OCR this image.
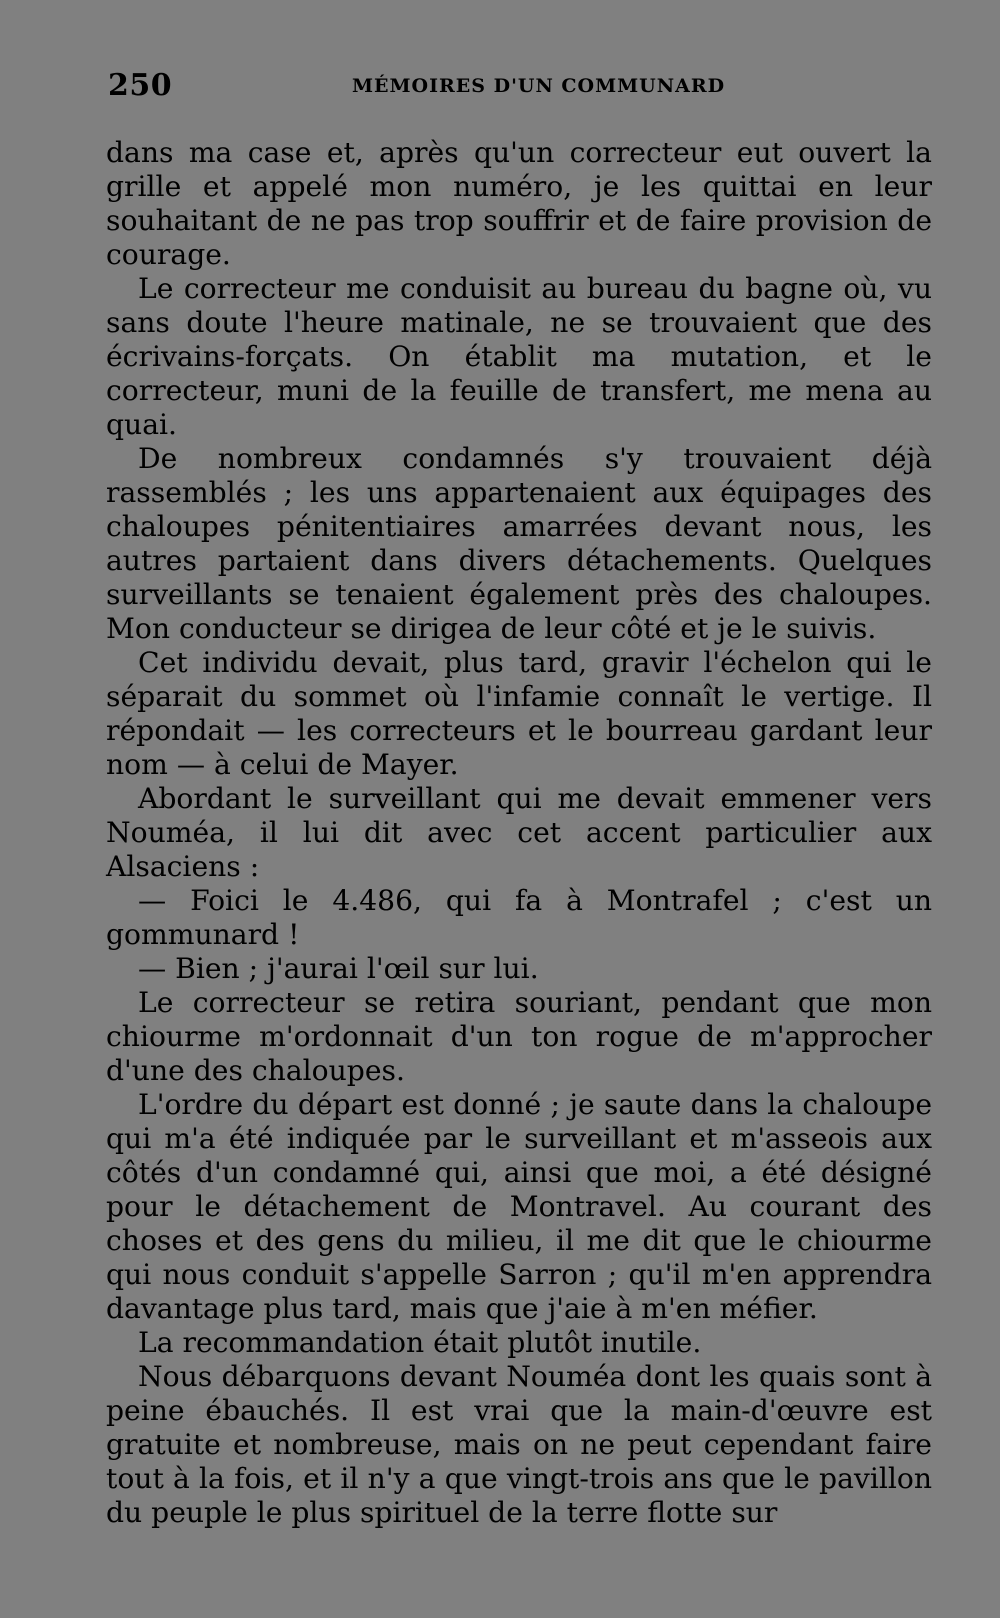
250	MÉMOIRES D'UN COMMUNARD

dans ma case et, après qu'un correcteur eut ouvert la grille et appelé mon numéro, je les quittai en leur souhaitant de ne pas trop souffrir et de faire provision de courage.

Le correcteur me conduisit au bureau du bagne où, vu sans doute l'heure matinale, ne se trouvaient que des écrivains-forçats. On établit ma mutation, et le correcteur, muni de la feuille de transfert, me mena au quai.

De nombreux condamnés s'y trouvaient déjà rassemblés ; les uns appartenaient aux équipages des chaloupes pénitentiaires amarrées devant nous, les autres partaient dans divers détachements. Quelques surveillants se tenaient également près des chaloupes. Mon conducteur se dirigea de leur côté et je le suivis.

Cet individu devait, plus tard, gravir l'échelon qui le séparait du sommet où l'infamie connaît le vertige. Il répondait — les correcteurs et le bourreau gardant leur nom — à celui de Mayer.

Abordant le surveillant qui me devait emmener vers Nouméa, il lui dit avec cet accent particulier aux Alsaciens :

— Foici le 4.486, qui fa à Montrafel ; c'est un gommunard !

— Bien ; j'aurai l'œil sur lui.

Le correcteur se retira souriant, pendant que mon chiourme m'ordonnait d'un ton rogue de m'approcher d'une des chaloupes.

L'ordre du départ est donné ; je saute dans la chaloupe qui m'a été indiquée par le surveillant et m'asseois aux côtés d'un condamné qui, ainsi que moi, a été désigné pour le détachement de Montravel. Au courant des choses et des gens du milieu, il me dit que le chiourme qui nous conduit s'appelle Sarron ; qu'il m'en apprendra davantage plus tard, mais que j'aie à m'en méfier.

La recommandation était plutôt inutile.

Nous débarquons devant Nouméa dont les quais sont à peine ébauchés. Il est vrai que la main-d'œuvre est gratuite et nombreuse, mais on ne peut cependant faire tout à la fois, et il n'y a que vingt-trois ans que le pavillon du peuple le plus spirituel de la terre flotte sur
